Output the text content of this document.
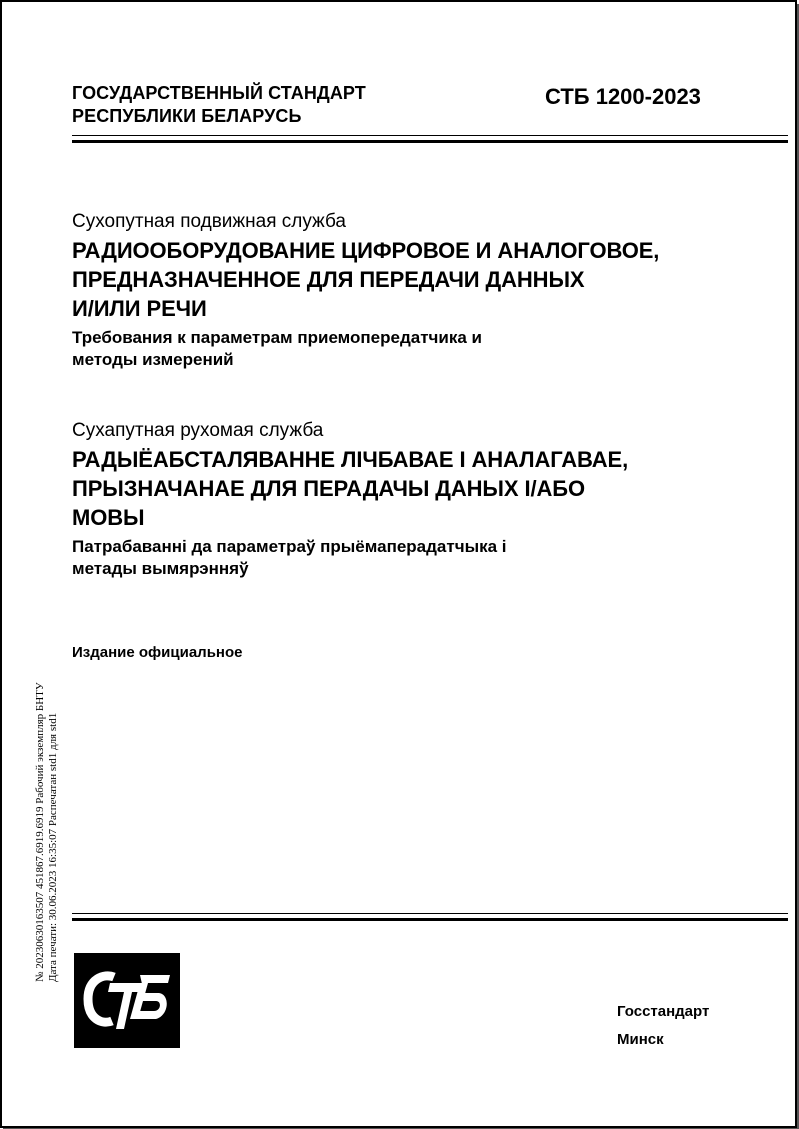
ГОСУДАРСТВЕННЫЙ СТАНДАРТ
РЕСПУБЛИКИ БЕЛАРУСЬ
СТБ 1200-2023
Сухопутная подвижная служба
РАДИООБОРУДОВАНИЕ ЦИФРОВОЕ И АНАЛОГОВОЕ,
ПРЕДНАЗНАЧЕННОЕ ДЛЯ ПЕРЕДАЧИ ДАННЫХ
И/ИЛИ РЕЧИ
Требования к параметрам приемопередатчика и
методы измерений
Сухапутная рухомая служба
РАДЫЁАБСТАЛЯВАННЕ ЛІЧБАВАЕ І АНАЛАГАВАЕ,
ПРЫЗНАЧАНАЕ ДЛЯ ПЕРАДАЧЫ ДАНЫХ І/АБО
МОВЫ
Патрабаванні да параметраў прыёмаперадатчыка і
метады вымярэнняў
Издание официальное
№ 20230630163507 451867.6919.6919 Рабочий экземпляр БНТУ Дата печати: 30.06.2023 16:35:07 Распечатан std1 для std1
Госстандарт
Минск
